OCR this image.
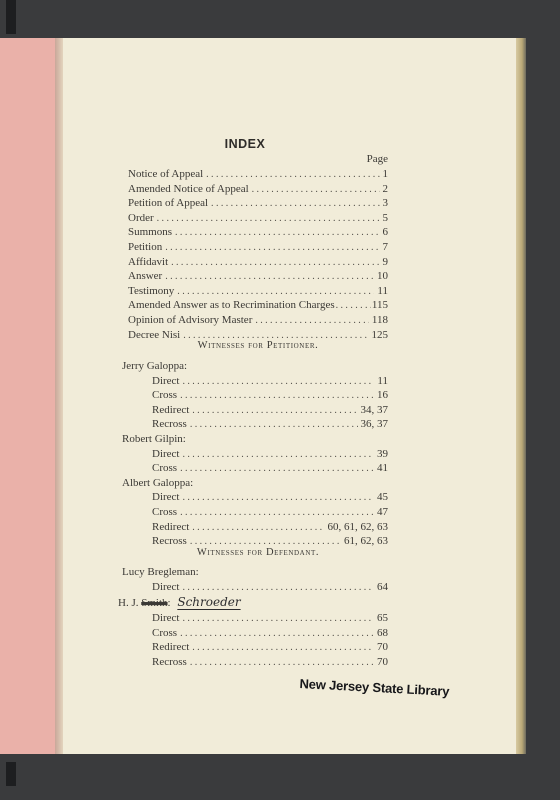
INDEX
Page
Notice of Appeal .....	1
Amended Notice of Appeal .....	2
Petition of Appeal .....	3
Order .....	5
Summons .....	6
Petition .....	7
Affidavit .....	9
Answer .....	10
Testimony .....	11
Amended Answer as to Recrimination Charges .....	115
Opinion of Advisory Master .....	118
Decree Nisi .....	125
Witnesses for Petitioner.
Jerry Galoppa:
Direct .....	11
Cross .....	16
Redirect .....	34, 37
Recross .....	36, 37
Robert Gilpin:
Direct .....	39
Cross .....	41
Albert Galoppa:
Direct .....	45
Cross .....	47
Redirect .....	60, 61, 62, 63
Recross .....	61, 62, 63
Witnesses for Defendant.
Lucy Bregleman:
Direct .....	64
H. J. Smith: Schroeder
Direct .....	65
Cross .....	68
Redirect .....	70
Recross .....	70
New Jersey State Library
